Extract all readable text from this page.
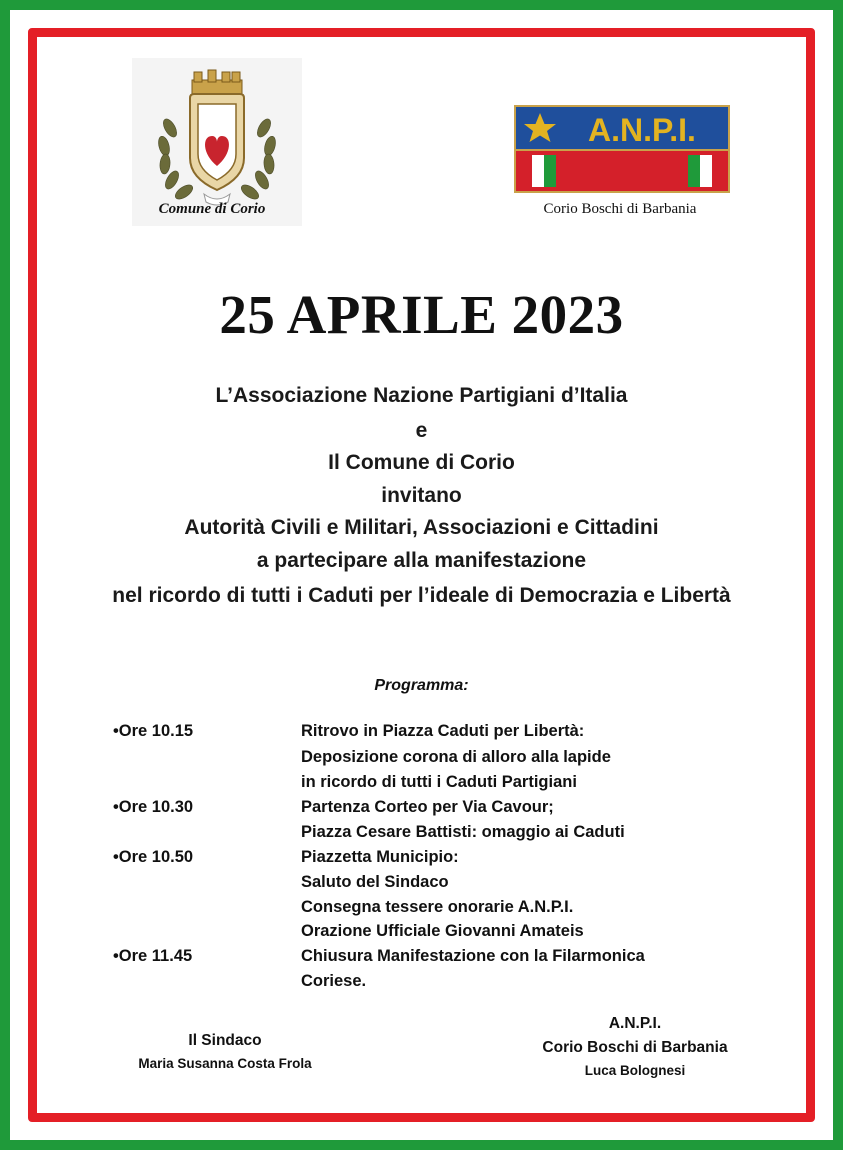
Comune di Corio
A.N.P.I.
Corio Boschi di Barbania
25 APRILE 2023
L’Associazione Nazione Partigiani d’Italia
e
Il Comune di Corio
invitano
Autorità Civili e Militari, Associazioni e Cittadini
a partecipare alla manifestazione
nel ricordo di tutti i Caduti per l’ideale di Democrazia e Libertà
Programma:
•Ore 10.15	Ritrovo in Piazza Caduti per Libertà:
Deposizione corona di alloro alla lapide
in ricordo di tutti i Caduti Partigiani
•Ore 10.30	Partenza Corteo per Via Cavour;
Piazza Cesare Battisti: omaggio ai Caduti
•Ore 10.50	Piazzetta Municipio:
Saluto del Sindaco
Consegna tessere onorarie A.N.P.I.
Orazione Ufficiale Giovanni Amateis
•Ore 11.45	Chiusura Manifestazione con la Filarmonica
Coriese.
Il Sindaco
Maria Susanna Costa Frola
A.N.P.I.
Corio Boschi di Barbania
Luca Bolognesi
